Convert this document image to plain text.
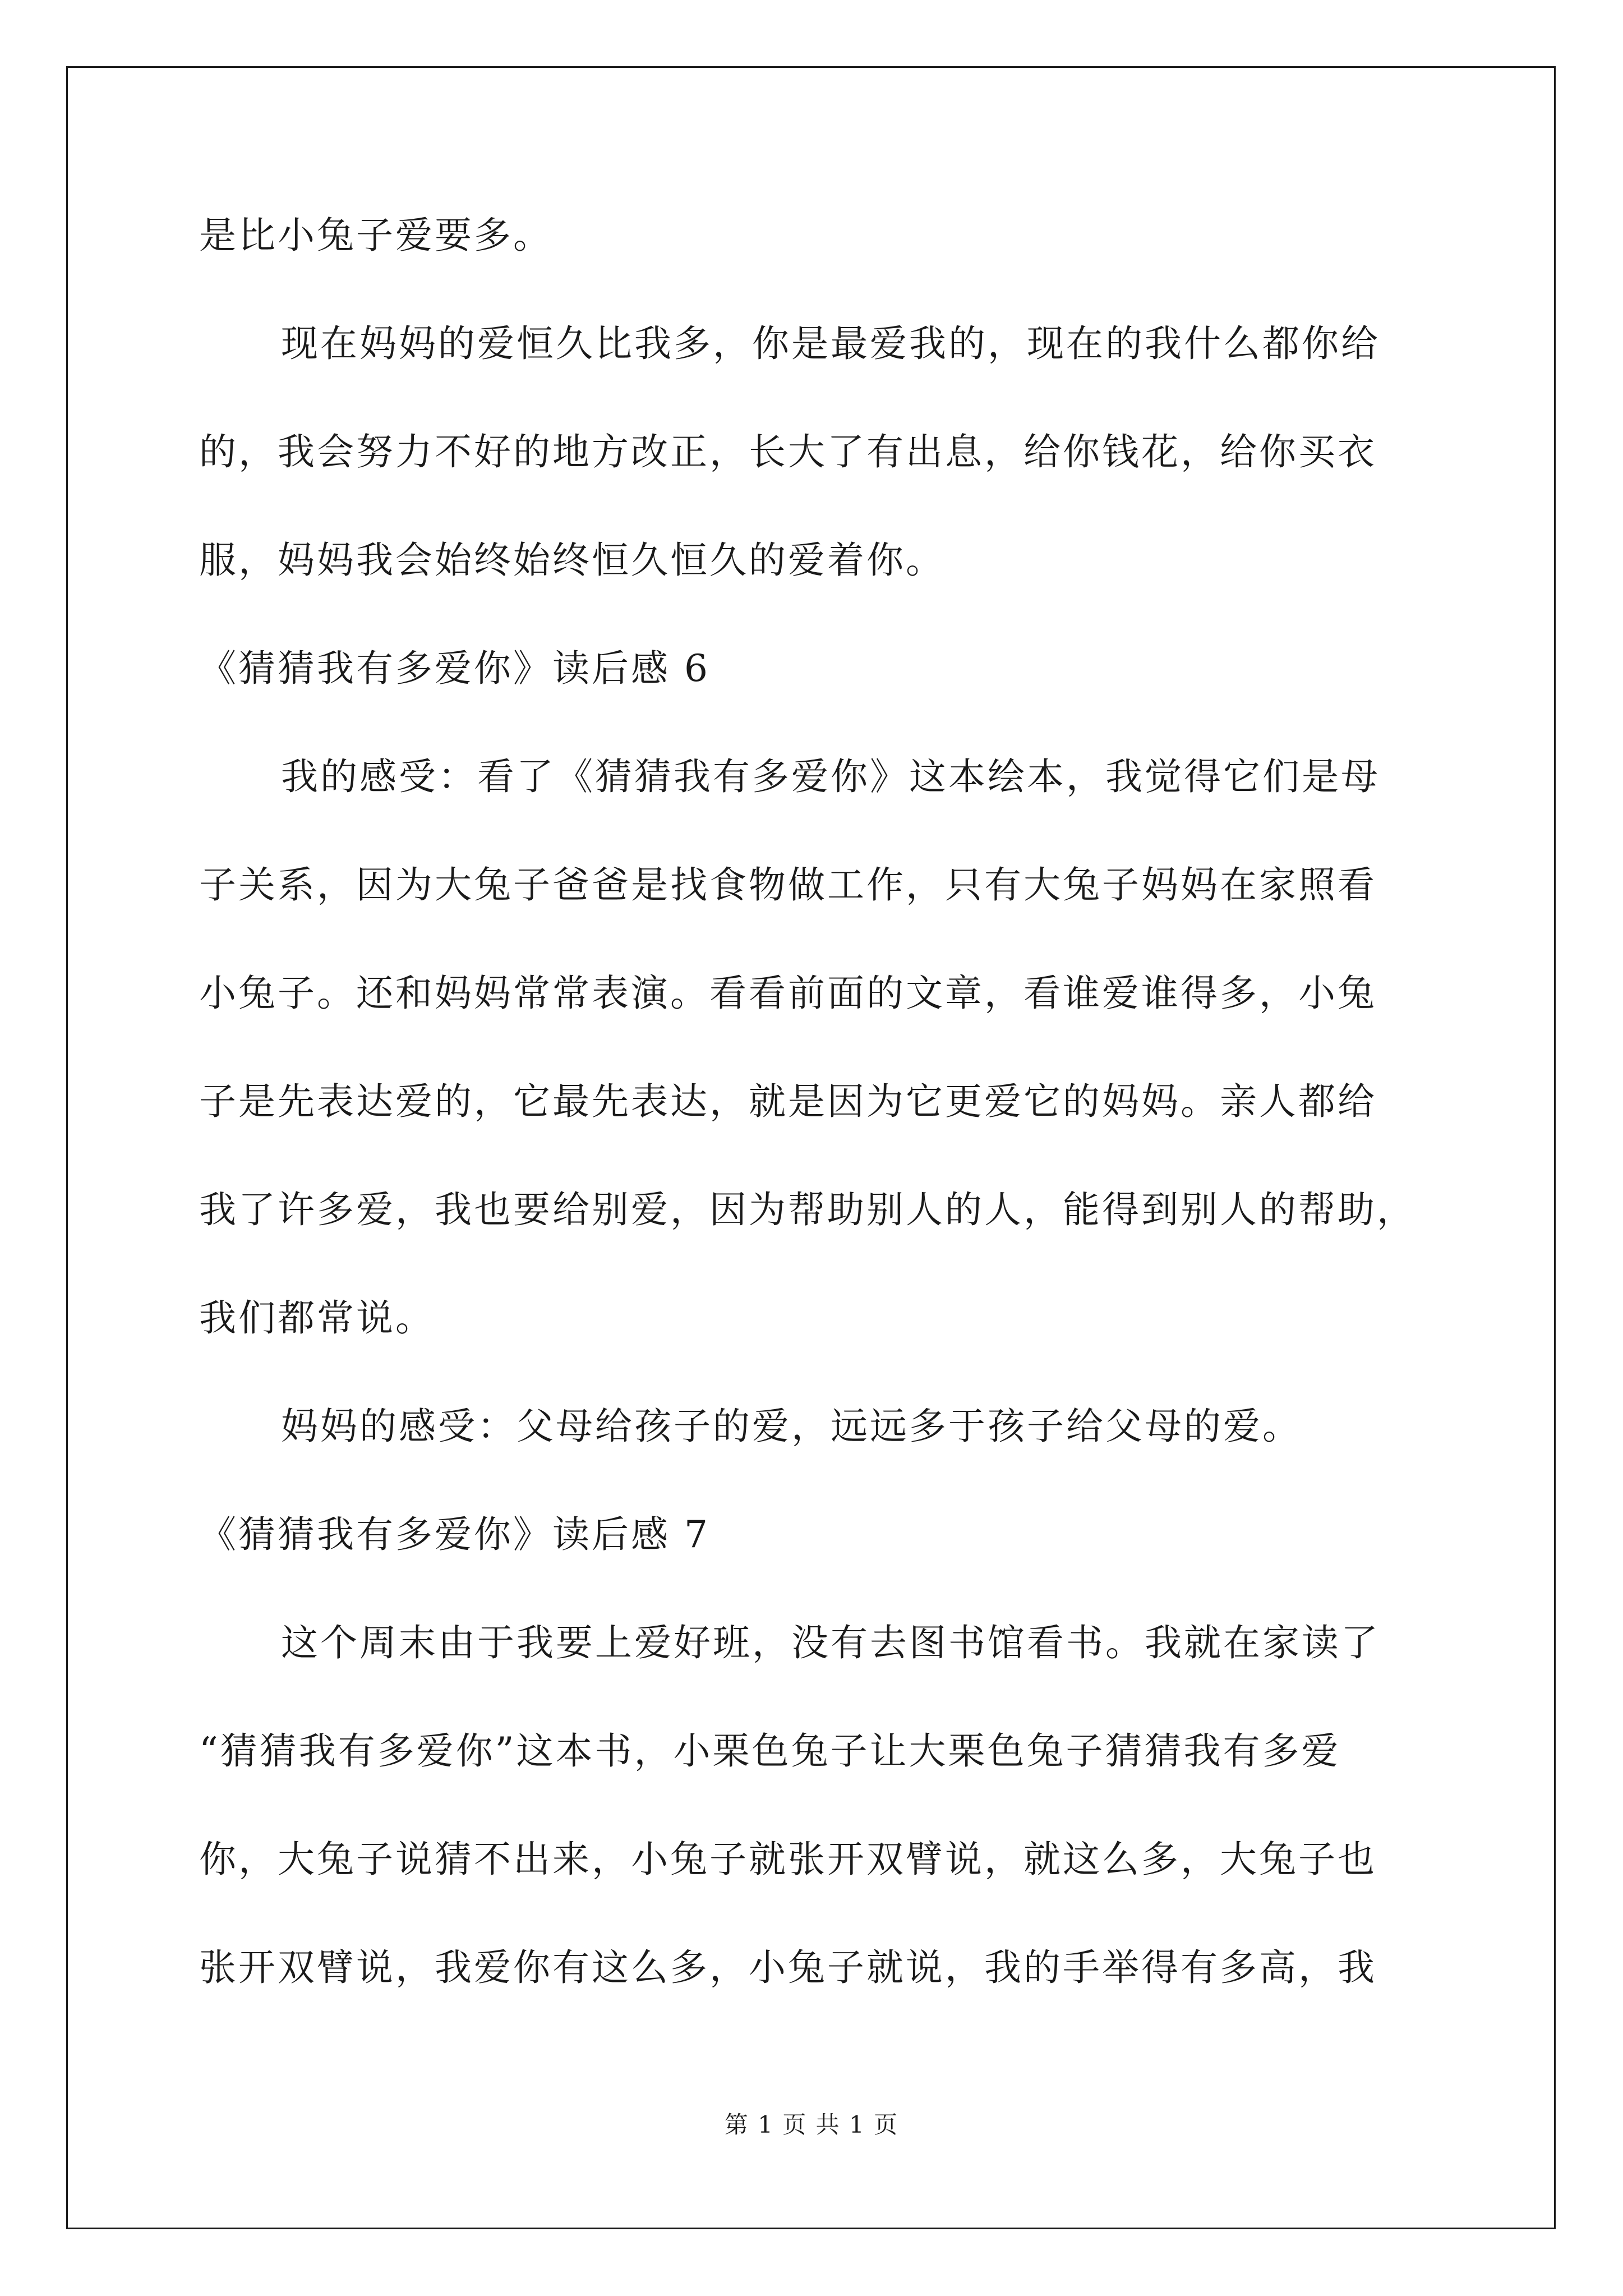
是比小兔子爱要多。
现在妈妈的爱恒久比我多，你是最爱我的，现在的我什么都你给
的，我会努力不好的地方改正，长大了有出息，给你钱花，给你买衣
服，妈妈我会始终始终恒久恒久的爱着你。
《猜猜我有多爱你》读后感 6
我的感受：看了《猜猜我有多爱你》这本绘本，我觉得它们是母
子关系，因为大兔子爸爸是找食物做工作，只有大兔子妈妈在家照看
小兔子。还和妈妈常常表演。看看前面的文章，看谁爱谁得多，小兔
子是先表达爱的，它最先表达，就是因为它更爱它的妈妈。亲人都给
我了许多爱，我也要给别爱，因为帮助别人的人，能得到别人的帮助，
我们都常说。
妈妈的感受：父母给孩子的爱，远远多于孩子给父母的爱。
《猜猜我有多爱你》读后感 7
这个周末由于我要上爱好班，没有去图书馆看书。我就在家读了
“猜猜我有多爱你”这本书，小栗色兔子让大栗色兔子猜猜我有多爱
你，大兔子说猜不出来，小兔子就张开双臂说，就这么多，大兔子也
张开双臂说，我爱你有这么多，小兔子就说，我的手举得有多高，我
第 1 页 共 1 页
